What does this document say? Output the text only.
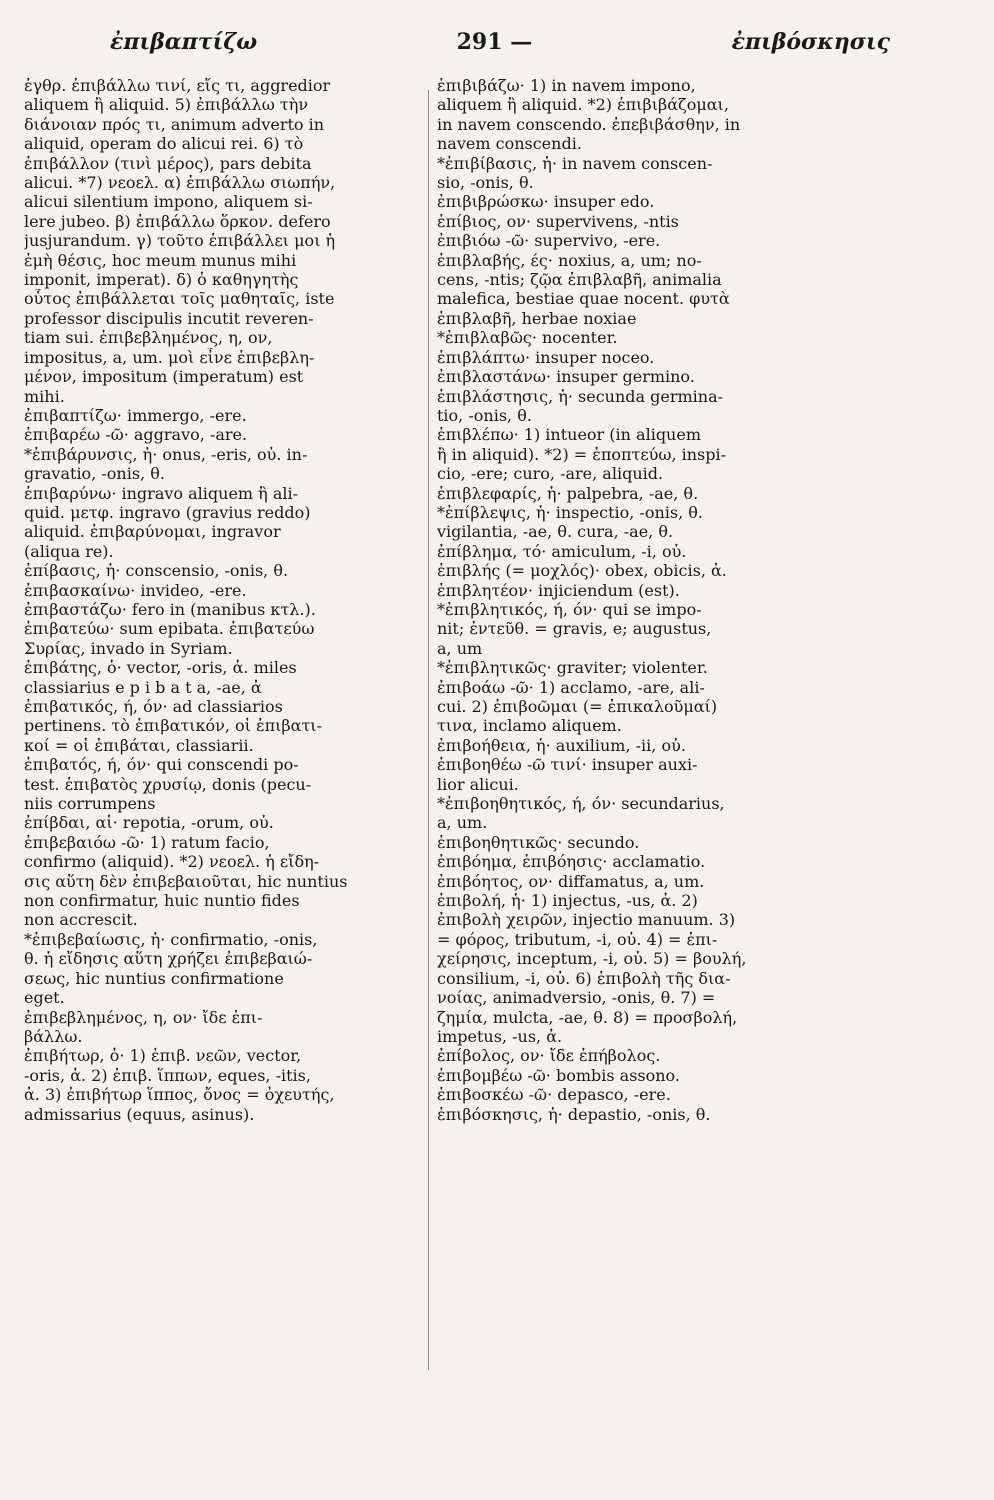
ἐπιβαπτίζω	291 —	ἐπιβόσκησις
ἐγθρ. ἐπιβάλλω τινί, εἴς τι, aggredior
aliquem ἢ aliquid. 5) ἐπιβάλλω τὴν
διάνοιαν πρός τι, animum adverto in
aliquid, operam do alicui rei. 6) τὸ
ἐπιβάλλον (τινὶ μέρος), pars debita
alicui. *7) νεοελ. α) ἐπιβάλλω σιωπήν,
alicui silentium impono, aliquem si-
lere jubeo. β) ἐπιβάλλω ὅρκον. defero
jusjurandum. γ) τοῦτο ἐπιβάλλει μοι ἡ
ἐμὴ θέσις, hoc meum munus mihi
imponit, imperat). δ) ὁ καθηγητὴς
οὗτος ἐπιβάλλεται τοῖς μαθηταῖς, iste
professor discipulis incutit reveren-
tiam sui. ἐπιβεβλημένος, η, ον,
impositus, a, um. μοὶ εἶνε ἐπιβεβλη-
μένον, impositum (imperatum) est
mihi.
ἐπιβαπτίζω· immergo, -ere.
ἐπιβαρέω -ῶ· aggravo, -are.
*ἐπιβάρυνσις, ἡ· onus, -eris, οὐ. in-
gravatio, -onis, θ.
ἐπιβαρύνω· ingravo aliquem ἢ ali-
quid. μετφ. ingravo (gravius reddo)
aliquid. ἐπιβαρύνομαι, ingravor
(aliqua re).
ἐπίβασις, ἡ· conscensio, -onis, θ.
ἐπιβασκαίνω· invideo, -ere.
ἐπιβαστάζω· fero in (manibus κτλ.).
ἐπιβατεύω· sum epibata. ἐπιβατεύω
Συρίας, invado in Syriam.
ἐπιβάτης, ὁ· vector, -oris, ἀ. miles
classiarius e p i b a t a, -ae, ἀ
ἐπιβατικός, ή, όν· ad classiarios
pertinens. τὸ ἐπιβατικόν, οἱ ἐπιβατι-
κοί = οἱ ἐπιβάται, classiarii.
ἐπιβατός, ή, όν· qui conscendi po-
test. ἐπιβατὸς χρυσίῳ, donis (pecu-
niis corrumpens
ἐπίβδαι, αἱ· repotia, -orum, οὐ.
ἐπιβεβαιόω -ῶ· 1) ratum facio,
confirmo (aliquid). *2) νεοελ. ἡ εἴδη-
σις αὕτη δὲν ἐπιβεβαιοῦται, hic nuntius
non confirmatur, huic nuntio fides
non accrescit.
*ἐπιβεβαίωσις, ἡ· confirmatio, -onis,
θ. ἡ εἴδησις αὕτη χρήζει ἐπιβεβαιώ-
σεως, hic nuntius confirmatione
eget.
ἐπιβεβλημένος, η, ον· ἴδε ἐπι-
βάλλω.
ἐπιβήτωρ, ὁ· 1) ἐπιβ. νεῶν, vector,
-oris, ἀ. 2) ἐπιβ. ἵππων, eques, -itis,
ἀ. 3) ἐπιβήτωρ ἵππος, ὄνος = ὀχευτής,
admissarius (equus, asinus).
ἐπιβιβάζω· 1) in navem impono,
aliquem ἢ aliquid. *2) ἐπιβιβάζομαι,
in navem conscendo. ἐπεβιβάσθην, in
navem conscendi.
*ἐπιβίβασις, ἡ· in navem conscen-
sio, -onis, θ.
ἐπιβιβρώσκω· insuper edo.
ἐπίβιος, ον· supervivens, -ntis
ἐπιβιόω -ῶ· supervivo, -ere.
ἐπιβλαβής, ές· noxius, a, um; no-
cens, -ntis; ζῷα ἐπιβλαβῆ, animalia
malefica, bestiae quae nocent. φυτὰ
ἐπιβλαβῆ, herbae noxiae
*ἐπιβλαβῶς· nocenter.
ἐπιβλάπτω· insuper noceo.
ἐπιβλαστάνω· insuper germino.
ἐπιβλάστησις, ἡ· secunda germina-
tio, -onis, θ.
ἐπιβλέπω· 1) intueor (in aliquem
ἢ in aliquid). *2) = ἐποπτεύω, inspi-
cio, -ere; curo, -are, aliquid.
ἐπιβλεφαρίς, ἡ· palpebra, -ae, θ.
*ἐπίβλεψις, ἡ· inspectio, -onis, θ.
vigilantia, -ae, θ. cura, -ae, θ.
ἐπίβλημα, τό· amiculum, -i, οὐ.
ἐπιβλής (= μοχλός)· obex, obicis, ἀ.
ἐπιβλητέον· injiciendum (est).
*ἐπιβλητικός, ή, όν· qui se impo-
nit; ἐντεῦθ. = gravis, e; augustus,
a, um
*ἐπιβλητικῶς· graviter; violenter.
ἐπιβοάω -ῶ· 1) acclamo, -are, ali-
cui. 2) ἐπιβοῶμαι (= ἐπικαλοῦμαί)
τινα, inclamo aliquem.
ἐπιβοήθεια, ἡ· auxilium, -ii, οὐ.
ἐπιβοηθέω -ῶ τινί· insuper auxi-
lior alicui.
*ἐπιβοηθητικός, ή, όν· secundarius,
a, um.
ἐπιβοηθητικῶς· secundo.
ἐπιβόημα, ἐπιβόησις· acclamatio.
ἐπιβόητος, ον· diffamatus, a, um.
ἐπιβολή, ἡ· 1) injectus, -us, ἀ. 2)
ἐπιβολὴ χειρῶν, injectio manuum. 3)
= φόρος, tributum, -i, οὐ. 4) = ἐπι-
χείρησις, inceptum, -i, οὐ. 5) = βουλή,
consilium, -i, οὐ. 6) ἐπιβολὴ τῆς δια-
νοίας, animadversio, -onis, θ. 7) =
ζημία, mulcta, -ae, θ. 8) = προσβολή,
impetus, -us, ἀ.
ἐπίβολος, ον· ἴδε ἐπήβολος.
ἐπιβομβέω -ῶ· bombis assono.
ἐπιβοσκέω -ῶ· depasco, -ere.
ἐπιβόσκησις, ἡ· depastio, -onis, θ.
